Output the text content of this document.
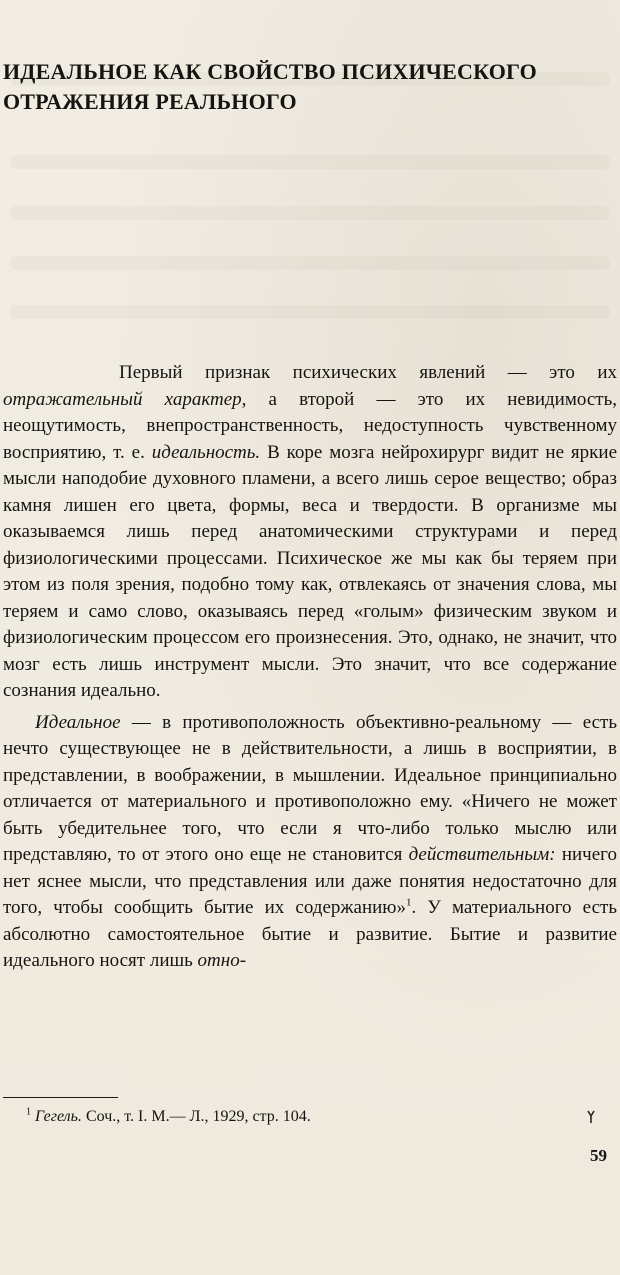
ИДЕАЛЬНОЕ КАК СВОЙСТВО ПСИХИЧЕСКОГО
ОТРАЖЕНИЯ РЕАЛЬНОГО

Первый признак психических явлений — это их отражательный характер, а второй — это их невидимость, неощутимость, внепространственность, недоступность чувственному восприятию, т. е. идеальность. В коре мозга нейрохирург видит не яркие мысли наподобие духовного пламени, а всего лишь серое вещество; образ камня лишен его цвета, формы, веса и твердости. В организме мы оказываемся лишь перед анатомическими структурами и перед физиологическими процессами. Психическое же мы как бы теряем при этом из поля зрения, подобно тому как, отвлекаясь от значения слова, мы теряем и само слово, оказываясь перед «голым» физическим звуком и физиологическим процессом его произнесения. Это, однако, не значит, что мозг есть лишь инструмент мысли. Это значит, что все содержание сознания идеально.

Идеальное — в противоположность объективно-реальному — есть нечто существующее не в действительности, а лишь в восприятии, в представлении, в воображении, в мышлении. Идеальное принципиально отличается от материального и противоположно ему. «Ничего не может быть убедительнее того, что если я что-либо только мыслю или представляю, то от этого оно еще не становится действительным: ничего нет яснее мысли, что представления или даже понятия недостаточно для того, чтобы сообщить бытие их содержанию»$^1$. У материального есть абсолютно самостоятельное бытие и развитие. Бытие и развитие идеального носят лишь отно-

$^1$ Гегель. Соч., т. I. М.— Л., 1929, стр. 104.
59
